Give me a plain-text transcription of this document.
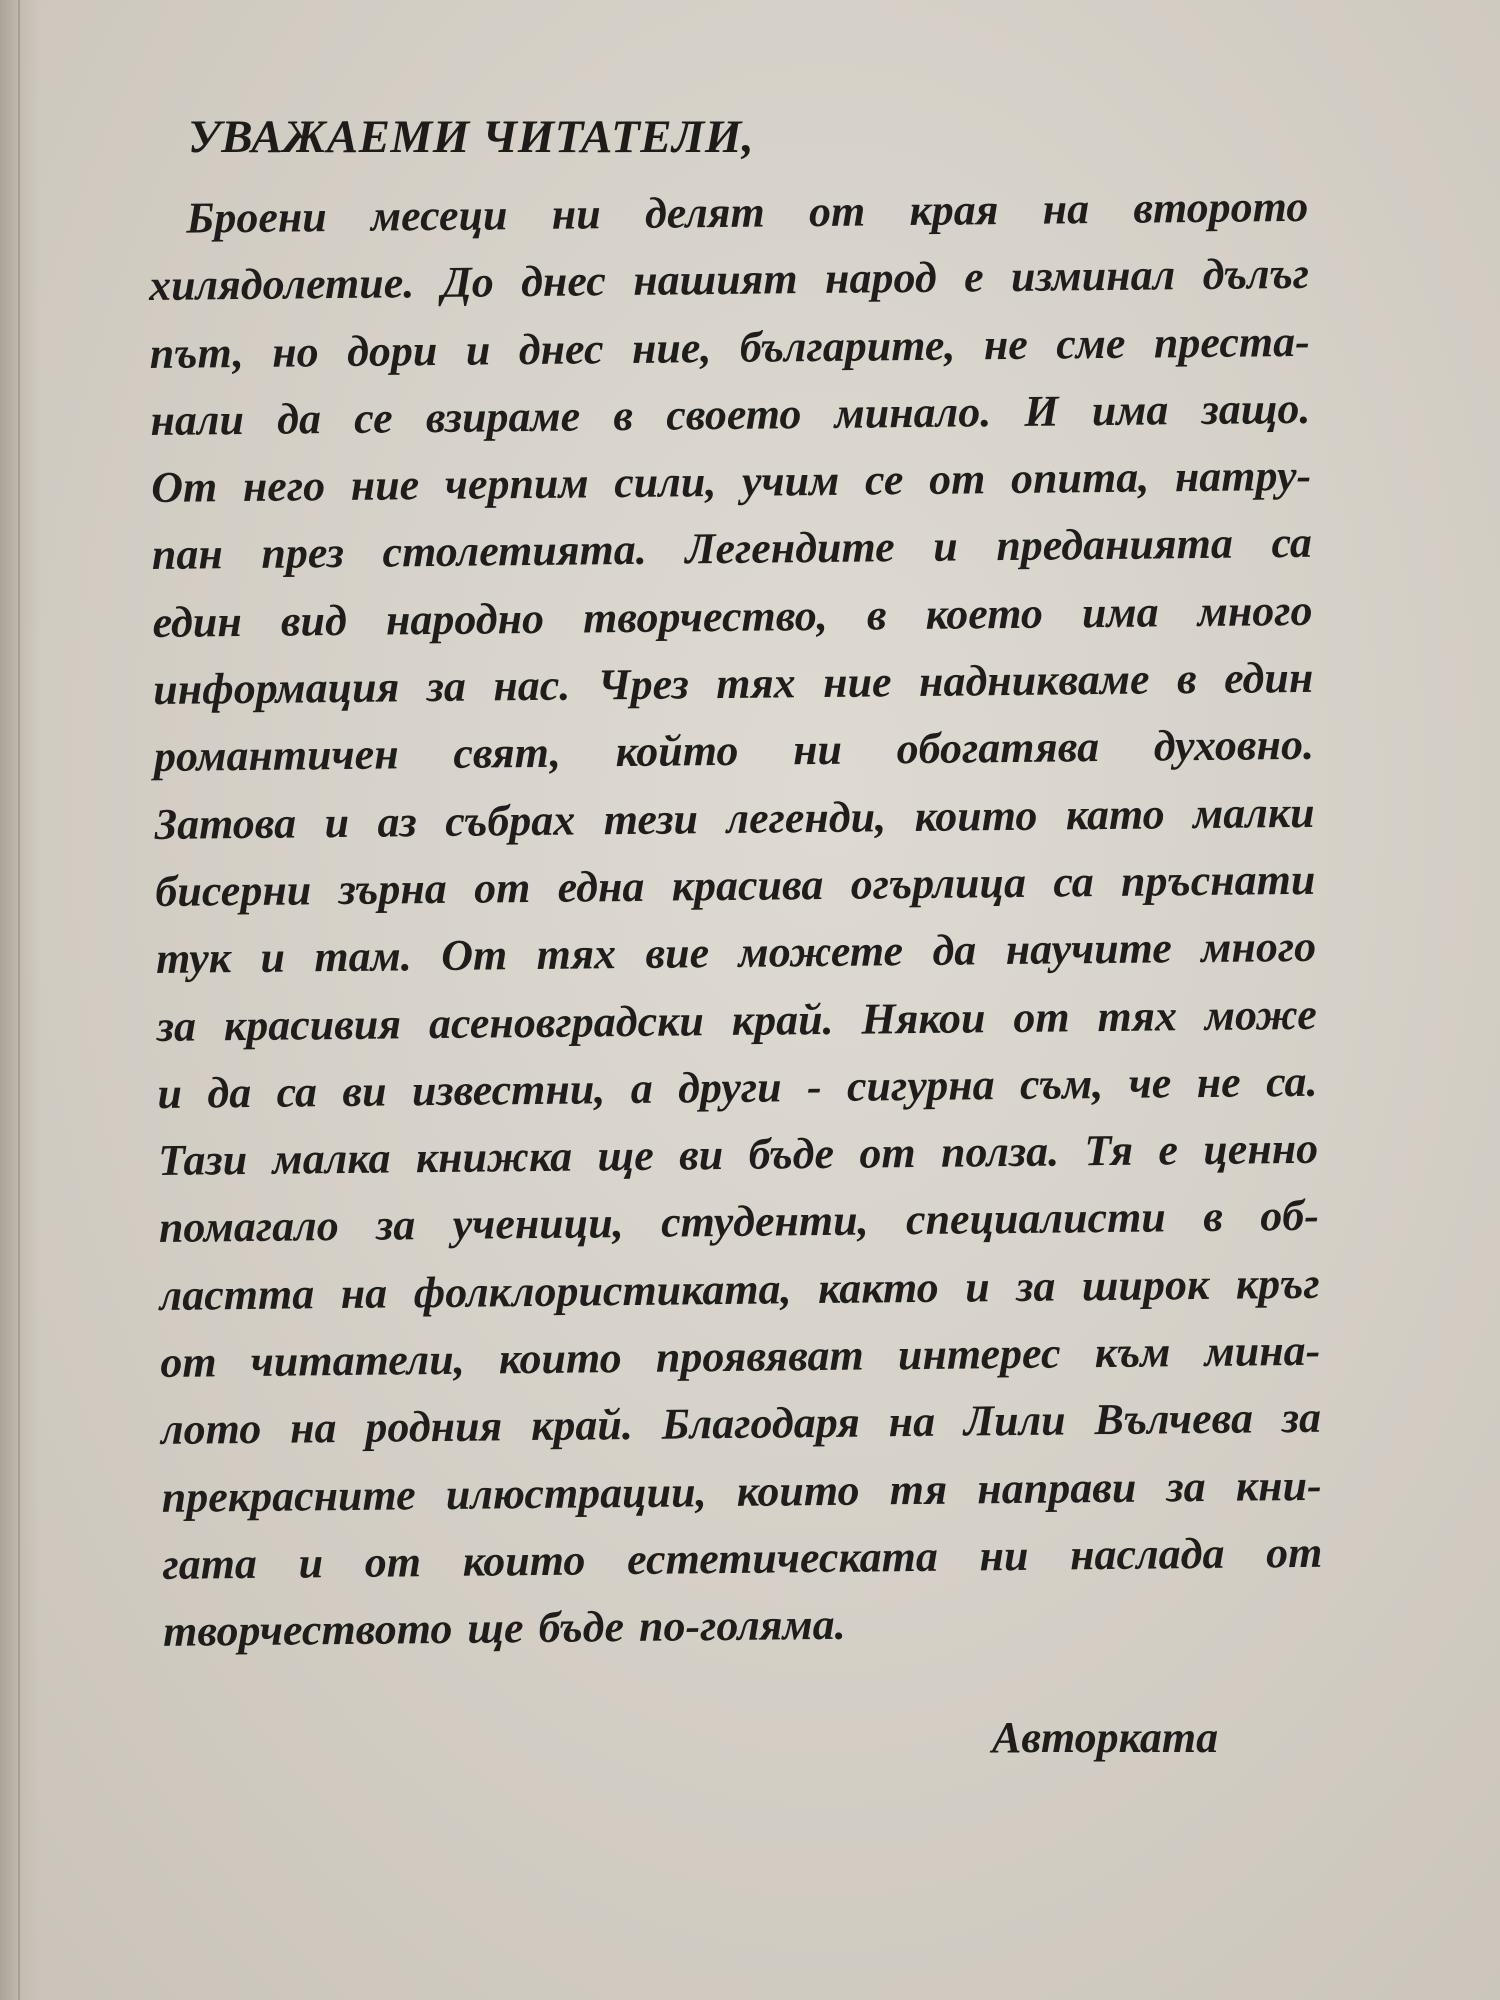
УВАЖАЕМИ ЧИТАТЕЛИ,
Броени месеци ни делят от края на второто
хилядолетие. До днес нашият народ е изминал дълъг
път, но дори и днес ние, българите, не сме преста-
нали да се взираме в своето минало. И има защо.
От него ние черпим сили, учим се от опита, натру-
пан през столетията. Легендите и преданията са
един вид народно творчество, в което има много
информация за нас. Чрез тях ние надникваме в един
романтичен свят, който ни обогатява духовно.
Затова и аз събрах тези легенди, които като малки
бисерни зърна от една красива огърлица са пръснати
тук и там. От тях вие можете да научите много
за красивия асеновградски край. Някои от тях може
и да са ви известни, а други - сигурна съм, че не са.
Тази малка книжка ще ви бъде от полза. Тя е ценно
помагало за ученици, студенти, специалисти в об-
ластта на фолклористиката, както и за широк кръг
от читатели, които проявяват интерес към мина-
лото на родния край. Благодаря на Лили Вълчева за
прекрасните илюстрации, които тя направи за кни-
гата и от които естетическата ни наслада от
творчеството ще бъде по-голяма.
Авторката
